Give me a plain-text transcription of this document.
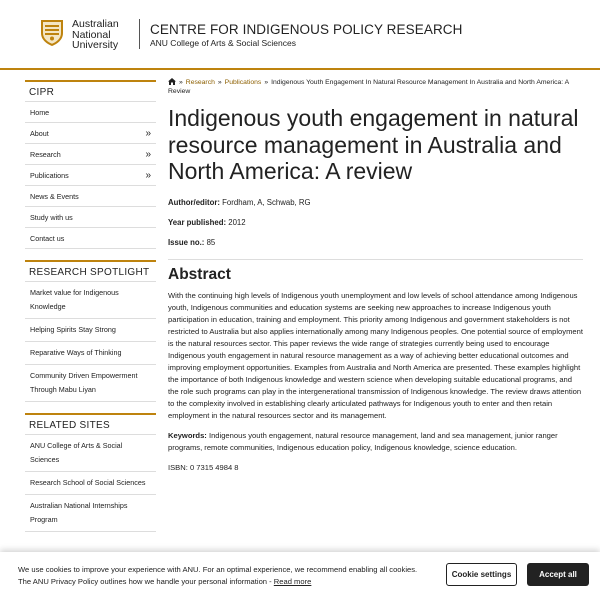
Australian
National
University
CENTRE FOR INDIGENOUS POLICY RESEARCH
ANU College of Arts & Social Sciences
CIPR
Home
About	»
Research	»
Publications	»
News & Events
Study with us
Contact us
RESEARCH SPOTLIGHT
Market value for Indigenous Knowledge
Helping Spirits Stay Strong
Reparative Ways of Thinking
Community Driven Empowerment Through Mabu Liyan
RELATED SITES
ANU College of Arts & Social Sciences
Research School of Social Sciences
Australian National Internships Program
» Research » Publications » Indigenous Youth Engagement In Natural Resource Management In Australia and North America: A Review
Indigenous youth engagement in natural resource management in Australia and North America: A review
Author/editor: Fordham, A, Schwab, RG
Year published: 2012
Issue no.: 85
Abstract

With the continuing high levels of Indigenous youth unemployment and low levels of school attendance among Indigenous youth, Indigenous communities and education systems are seeking new approaches to increase Indigenous youth participation in education, training and employment. This priority among Indigenous and government stakeholders is not restricted to Australia but also applies internationally among many Indigenous peoples. One potential source of employment is the natural resources sector. This paper reviews the wide range of strategies currently being used to encourage Indigenous youth engagement in natural resource management as a way of achieving better educational outcomes and improving employment opportunities. Examples from Australia and North America are presented. These examples highlight the importance of both Indigenous knowledge and western science when developing suitable educational programs, and the role such programs can play in the intergenerational transmission of Indigenous knowledge. The review draws attention to the complexity involved in establishing clearly articulated pathways for Indigenous youth to enter and then retain employment in the natural resources sector and its management.

Keywords: Indigenous youth engagement, natural resource management, land and sea management, junior ranger programs, remote communities, Indigenous education policy, Indigenous knowledge, science education.

ISBN: 0 7315 4984 8

We use cookies to improve your experience with ANU. For an optimal experience, we recommend enabling all cookies. The ANU Privacy Policy outlines how we handle your personal information - Read more
Cookie settings	Accept all
